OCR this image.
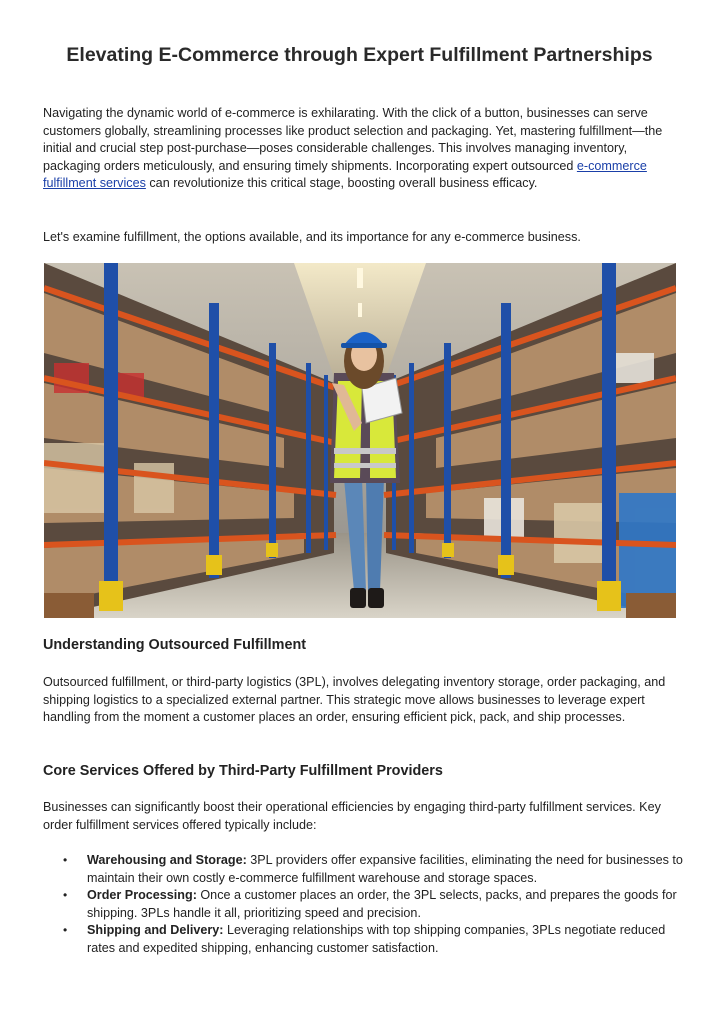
Elevating E-Commerce through Expert Fulfillment Partnerships
Navigating the dynamic world of e-commerce is exhilarating. With the click of a button, businesses can serve customers globally, streamlining processes like product selection and packaging. Yet, mastering fulfillment—the initial and crucial step post-purchase—poses considerable challenges. This involves managing inventory, packaging orders meticulously, and ensuring timely shipments. Incorporating expert outsourced e-commerce fulfillment services can revolutionize this critical stage, boosting overall business efficacy.
Let's examine fulfillment, the options available, and its importance for any e-commerce business.
Understanding Outsourced Fulfillment
Outsourced fulfillment, or third-party logistics (3PL), involves delegating inventory storage, order packaging, and shipping logistics to a specialized external partner. This strategic move allows businesses to leverage expert handling from the moment a customer places an order, ensuring efficient pick, pack, and ship processes.
Core Services Offered by Third-Party Fulfillment Providers
Businesses can significantly boost their operational efficiencies by engaging third-party fulfillment services. Key order fulfillment services offered typically include:
• Warehousing and Storage: 3PL providers offer expansive facilities, eliminating the need for businesses to maintain their own costly e-commerce fulfillment warehouse and storage spaces.
• Order Processing: Once a customer places an order, the 3PL selects, packs, and prepares the goods for shipping. 3PLs handle it all, prioritizing speed and precision.
• Shipping and Delivery: Leveraging relationships with top shipping companies, 3PLs negotiate reduced rates and expedited shipping, enhancing customer satisfaction.
